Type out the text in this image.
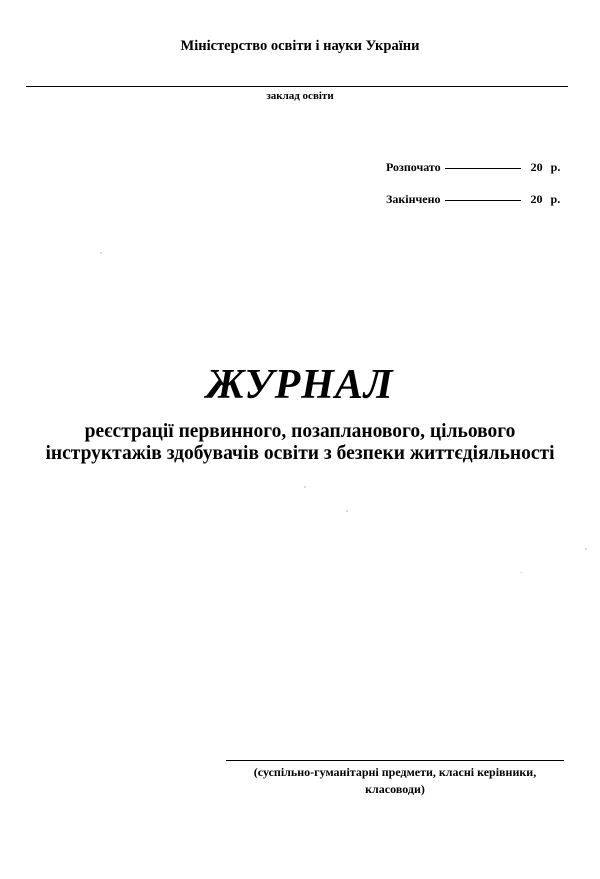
Міністерство освіти і науки України
заклад освіти
Розпочато	20 р.
Закінчено	20 р.
ЖУРНАЛ
реєстрації первинного, позапланового, цільового
інструктажів здобувачів освіти з безпеки життєдіяльності
(суспільно-гуманітарні предмети, класні керівники,
класоводи)
